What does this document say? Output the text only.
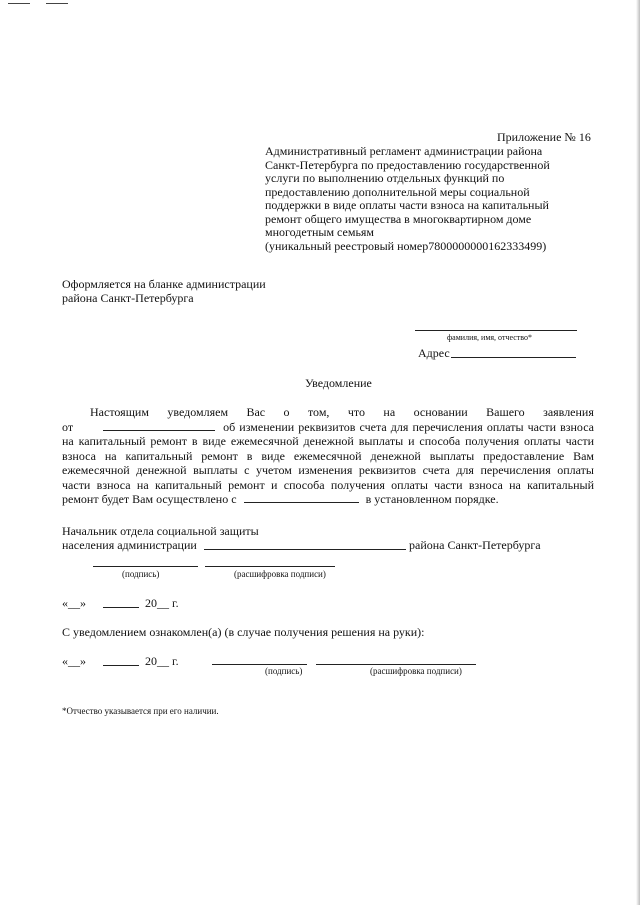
Приложение № 16
Административный регламент администрации района
Санкт-Петербурга по предоставлению государственной
услуги по выполнению отдельных функций по
предоставлению дополнительной меры социальной
поддержки в виде оплаты части взноса на капитальный
ремонт общего имущества в многоквартирном доме
многодетным семьям
(уникальный реестровый номер7800000000162333499)
Оформляется на бланке администрации
района Санкт-Петербурга
фамилия, имя, отчество*
Адрес
Уведомление
Настоящим уведомляем Вас о том, что на основании Вашего заявления
от	об изменении реквизитов счета для перечисления оплаты части взноса
на капитальный ремонт в виде ежемесячной денежной выплаты и способа получения оплаты части
взноса на капитальный ремонт в виде ежемесячной денежной выплаты предоставление Вам
ежемесячной денежной выплаты с учетом изменения реквизитов счета для перечисления оплаты
части взноса на капитальный ремонт и способа получения оплаты части взноса на капитальный
ремонт будет Вам осуществлено с	в установленном порядке.
Начальник отдела социальной защиты
населения администрации	района Санкт-Петербурга
(подпись)	(расшифровка подписи)
«__»	20__ г.
С уведомлением ознакомлен(а) (в случае получения решения на руки):
«__»	20__ г.
(подпись)	(расшифровка подписи)
*Отчество указывается при его наличии.
